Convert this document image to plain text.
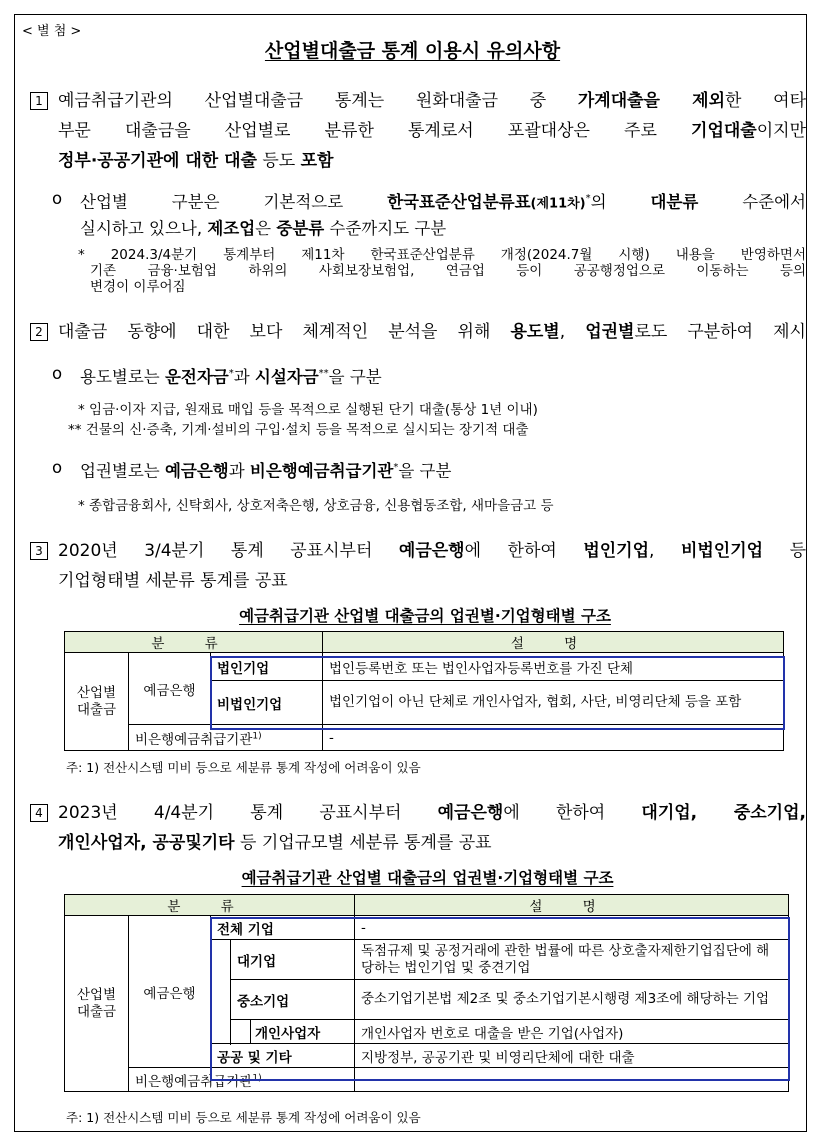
< 별 첨 >
산업별대출금 통계 이용시 유의사항
1 예금취급기관의 산업별대출금 통계는 원화대출금 중 가계대출을 제외한 여타
부문 대출금을 산업별로 분류한 통계로서 포괄대상은 주로 기업대출이지만
정부·공공기관에 대한 대출 등도 포함
ο 산업별 구분은 기본적으로 한국표준산업분류표(제11차)*의 대분류 수준에서
실시하고 있으나, 제조업은 중분류 수준까지도 구분
* 2024.3/4분기 통계부터 제11차 한국표준산업분류 개정(2024.7월 시행) 내용을 반영하면서
기존 금융·보험업 하위의 사회보장보험업, 연금업 등이 공공행정업으로 이동하는 등의
변경이 이루어짐
2 대출금 동향에 대한 보다 체계적인 분석을 위해 용도별, 업권별로도 구분하여 제시
ο 용도별로는 운전자금*과 시설자금**을 구분
* 임금·이자 지급, 원재료 매입 등을 목적으로 실행된 단기 대출(통상 1년 이내)
** 건물의 신·증축, 기계·설비의 구입·설치 등을 목적으로 실시되는 장기적 대출
ο 업권별로는 예금은행과 비은행예금취급기관*을 구분
* 종합금융회사, 신탁회사, 상호저축은행, 상호금융, 신용협동조합, 새마을금고 등
3 2020년 3/4분기 통계 공표시부터 예금은행에 한하여 법인기업, 비법인기업 등
기업형태별 세분류 통계를 공표
예금취급기관 산업별 대출금의 업권별·기업형태별 구조
분 류			설 명
산업별
대출금	예금은행	법인기업	법인등록번호 또는 법인사업자등록번호를 가진 단체
		비법인기업	법인기업이 아닌 단체로 개인사업자, 협회, 사단, 비영리단체 등을 포함
	비은행예금취급기관$^{1)}$		-
주: 1) 전산시스템 미비 등으로 세분류 통계 작성에 어려움이 있음
4 2023년 4/4분기 통계 공표시부터 예금은행에 한하여 대기업, 중소기업,
개인사업자, 공공및기타 등 기업규모별 세분류 통계를 공표
예금취급기관 산업별 대출금의 업권별·기업형태별 구조
분 류					설 명
산업별
대출금	예금은행	전체 기업			-
			대기업		독점규제 및 공정거래에 관한 법률에 따른 상호출자제한기업집단에 해당하는 법인기업 및 중견기업
			중소기업		중소기업기본법 제2조 및 중소기업기본시행령 제3조에 해당하는 기업
				개인사업자	개인사업자 번호로 대출을 받은 기업(사업자)

		공공 및 기타			지방정부, 공공기관 및 비영리단체에 대한 대출
	비은행예금취급기관$^{1)}$				-
주: 1) 전산시스템 미비 등으로 세분류 통계 작성에 어려움이 있음
